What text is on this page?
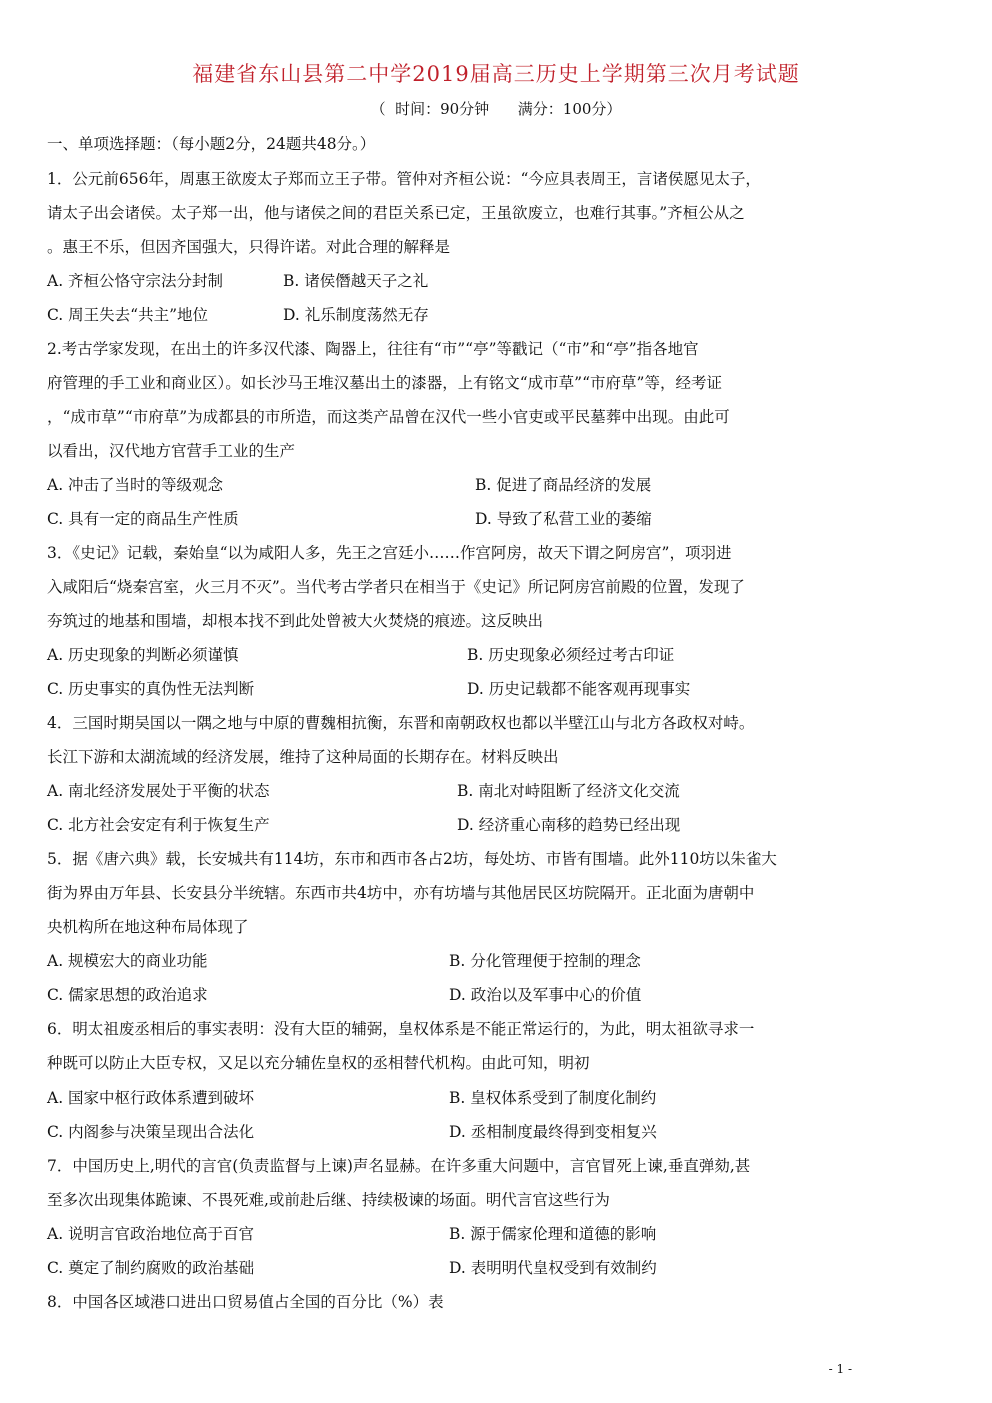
福建省东山县第二中学2019届高三历史上学期第三次月考试题
（  时间：90分钟      满分：100分）
一、单项选择题：（每小题2分，24题共48分。）
1．公元前656年，周惠王欲废太子郑而立王子带。管仲对齐桓公说：“今应具表周王，言诸侯愿见太子，
请太子出会诸侯。太子郑一出，他与诸侯之间的君臣关系已定，王虽欲废立，也难行其事。”齐桓公从之
。惠王不乐，但因齐国强大，只得许诺。对此合理的解释是
A. 齐桓公恪守宗法分封制	B. 诸侯僭越天子之礼
C. 周王失去“共主”地位	D. 礼乐制度荡然无存
2.考古学家发现，在出土的许多汉代漆、陶器上，往往有“市”“亭”等戳记（“市”和“亭”指各地官
府管理的手工业和商业区）。如长沙马王堆汉墓出土的漆器，上有铭文“成市草”“市府草”等，经考证
，“成市草”“市府草”为成都县的市所造，而这类产品曾在汉代一些小官吏或平民墓葬中出现。由此可
以看出，汉代地方官营手工业的生产
A. 冲击了当时的等级观念	B. 促进了商品经济的发展
C. 具有一定的商品生产性质	D. 导致了私营工业的萎缩
3．《史记》记载，秦始皇“以为咸阳人多，先王之宫廷小……作宫阿房，故天下谓之阿房宫”，项羽进
入咸阳后“烧秦宫室，火三月不灭”。当代考古学者只在相当于《史记》所记阿房宫前殿的位置，发现了
夯筑过的地基和围墙，却根本找不到此处曾被大火焚烧的痕迹。这反映出
A. 历史现象的判断必须谨慎	B. 历史现象必须经过考古印证
C. 历史事实的真伪性无法判断	D. 历史记载都不能客观再现事实
4．三国时期吴国以一隅之地与中原的曹魏相抗衡，东晋和南朝政权也都以半壁江山与北方各政权对峙。
长江下游和太湖流域的经济发展，维持了这种局面的长期存在。材料反映出
A. 南北经济发展处于平衡的状态	B. 南北对峙阻断了经济文化交流
C. 北方社会安定有利于恢复生产	D. 经济重心南移的趋势已经出现
5．据《唐六典》载，长安城共有114坊，东市和西市各占2坊，每处坊、市皆有围墙。此外110坊以朱雀大
街为界由万年县、长安县分半统辖。东西市共4坊中，亦有坊墙与其他居民区坊院隔开。正北面为唐朝中
央机构所在地这种布局体现了
A. 规模宏大的商业功能	B. 分化管理便于控制的理念
C. 儒家思想的政治追求	D. 政治以及军事中心的价值
6．明太祖废丞相后的事实表明：没有大臣的辅弼，皇权体系是不能正常运行的，为此，明太祖欲寻求一
种既可以防止大臣专权，又足以充分辅佐皇权的丞相替代机构。由此可知，明初
A. 国家中枢行政体系遭到破坏	B. 皇权体系受到了制度化制约
C. 内阁参与决策呈现出合法化	D. 丞相制度最终得到变相复兴
7．中国历史上,明代的言官(负责监督与上谏)声名显赫。在许多重大问题中，言官冒死上谏,垂直弹劾,甚
至多次出现集体跪谏、不畏死难,或前赴后继、持续极谏的场面。明代言官这些行为
A. 说明言官政治地位高于百官	B. 源于儒家伦理和道德的影响
C. 奠定了制约腐败的政治基础	D. 表明明代皇权受到有效制约
8．中国各区域港口进出口贸易值占全国的百分比（%）表
- 1 -
